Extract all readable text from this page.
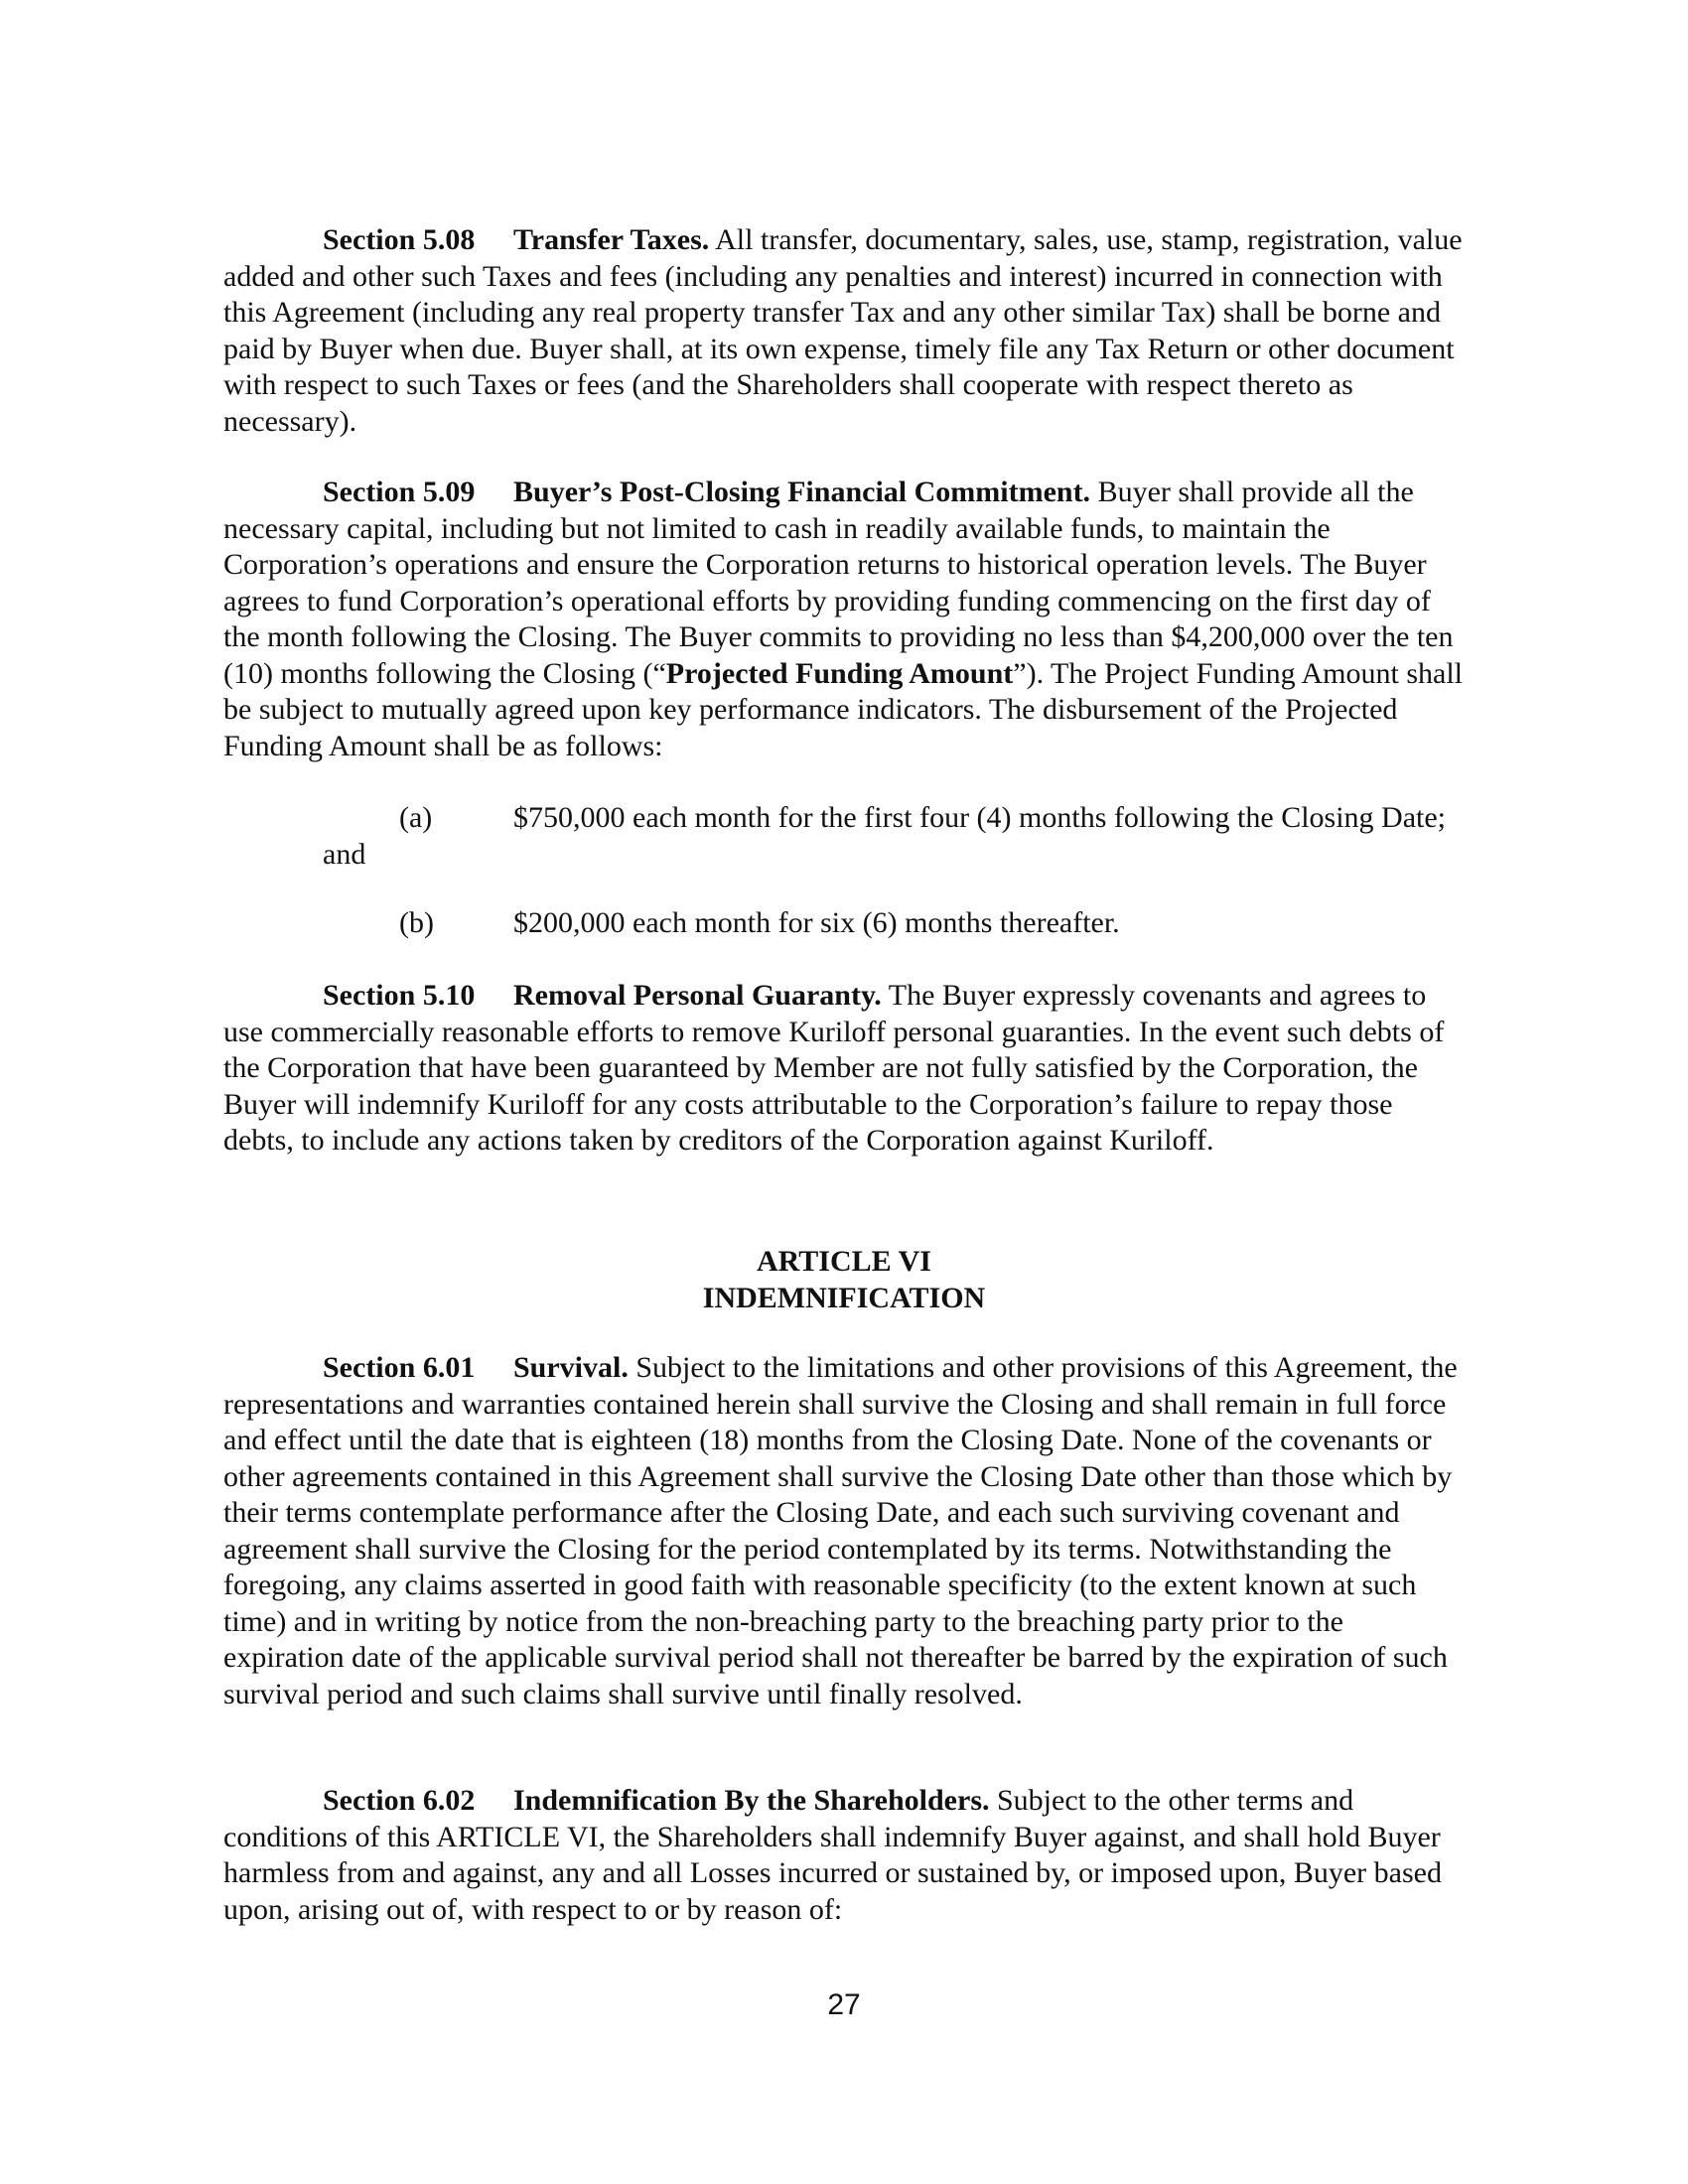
Section 5.08 Transfer Taxes. All transfer, documentary, sales, use, stamp, registration, value added and other such Taxes and fees (including any penalties and interest) incurred in connection with this Agreement (including any real property transfer Tax and any other similar Tax) shall be borne and paid by Buyer when due. Buyer shall, at its own expense, timely file any Tax Return or other document with respect to such Taxes or fees (and the Shareholders shall cooperate with respect thereto as necessary).

Section 5.09 Buyer’s Post-Closing Financial Commitment. Buyer shall provide all the necessary capital, including but not limited to cash in readily available funds, to maintain the Corporation’s operations and ensure the Corporation returns to historical operation levels. The Buyer agrees to fund Corporation’s operational efforts by providing funding commencing on the first day of the month following the Closing. The Buyer commits to providing no less than $4,200,000 over the ten (10) months following the Closing (“Projected Funding Amount”). The Project Funding Amount shall be subject to mutually agreed upon key performance indicators. The disbursement of the Projected Funding Amount shall be as follows:

(a)	$750,000 each month for the first four (4) months following the Closing Date; and

(b)	$200,000 each month for six (6) months thereafter.

Section 5.10 Removal Personal Guaranty. The Buyer expressly covenants and agrees to use commercially reasonable efforts to remove Kuriloff personal guaranties. In the event such debts of the Corporation that have been guaranteed by Member are not fully satisfied by the Corporation, the Buyer will indemnify Kuriloff for any costs attributable to the Corporation’s failure to repay those debts, to include any actions taken by creditors of the Corporation against Kuriloff.

ARTICLE VI
INDEMNIFICATION

Section 6.01 Survival. Subject to the limitations and other provisions of this Agreement, the representations and warranties contained herein shall survive the Closing and shall remain in full force and effect until the date that is eighteen (18) months from the Closing Date. None of the covenants or other agreements contained in this Agreement shall survive the Closing Date other than those which by their terms contemplate performance after the Closing Date, and each such surviving covenant and agreement shall survive the Closing for the period contemplated by its terms. Notwithstanding the foregoing, any claims asserted in good faith with reasonable specificity (to the extent known at such time) and in writing by notice from the non-breaching party to the breaching party prior to the expiration date of the applicable survival period shall not thereafter be barred by the expiration of such survival period and such claims shall survive until finally resolved.

Section 6.02 Indemnification By the Shareholders. Subject to the other terms and conditions of this ARTICLE VI, the Shareholders shall indemnify Buyer against, and shall hold Buyer harmless from and against, any and all Losses incurred or sustained by, or imposed upon, Buyer based upon, arising out of, with respect to or by reason of:

27
